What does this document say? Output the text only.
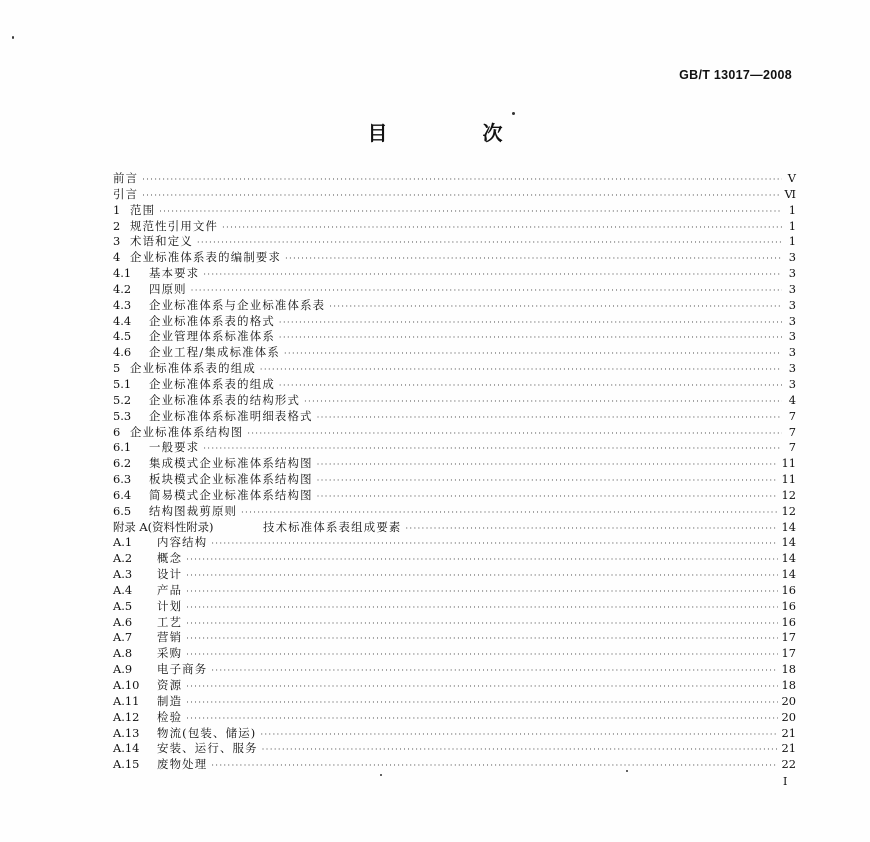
GB/T 13017—2008
目 次
前言 ·····	V
引言 ·····	Ⅵ
1 范围 ·····	1
2 规范性引用文件 ·····	1
3 术语和定义 ·····	1
4 企业标准体系表的编制要求 ·····	3
4.1	基本要求 ·····	3
4.2	四原则 ·····	3
4.3	企业标准体系与企业标准体系表 ·····	3
4.4	企业标准体系表的格式 ·····	3
4.5	企业管理体系标准体系 ·····	3
4.6	企业工程/集成标准体系 ·····	3
5 企业标准体系表的组成 ·····	3
5.1	企业标准体系表的组成 ·····	3
5.2	企业标准体系表的结构形式 ·····	4
5.3	企业标准体系标准明细表格式 ·····	7
6 企业标准体系结构图 ·····	7
6.1	一般要求 ·····	7
6.2	集成模式企业标准体系结构图 ·····	11
6.3	板块模式企业标准体系结构图 ·····	11
6.4	简易模式企业标准体系结构图 ·····	12
6.5	结构图裁剪原则 ·····	12
附录 A(资料性附录)	技术标准体系表组成要素 ·····	14
A.1	内容结构 ·····	14
A.2	概念 ·····	14
A.3	设计 ·····	14
A.4	产品 ·····	16
A.5	计划 ·····	16
A.6	工艺 ·····	16
A.7	营销 ·····	17
A.8	采购 ·····	17
A.9	电子商务 ·····	18
A.10	资源 ·····	18
A.11	制造 ·····	20
A.12	检验 ·····	20
A.13	物流(包装、储运) ·····	21
A.14	安装、运行、服务 ·····	21
A.15	废物处理 ·····	22
I
